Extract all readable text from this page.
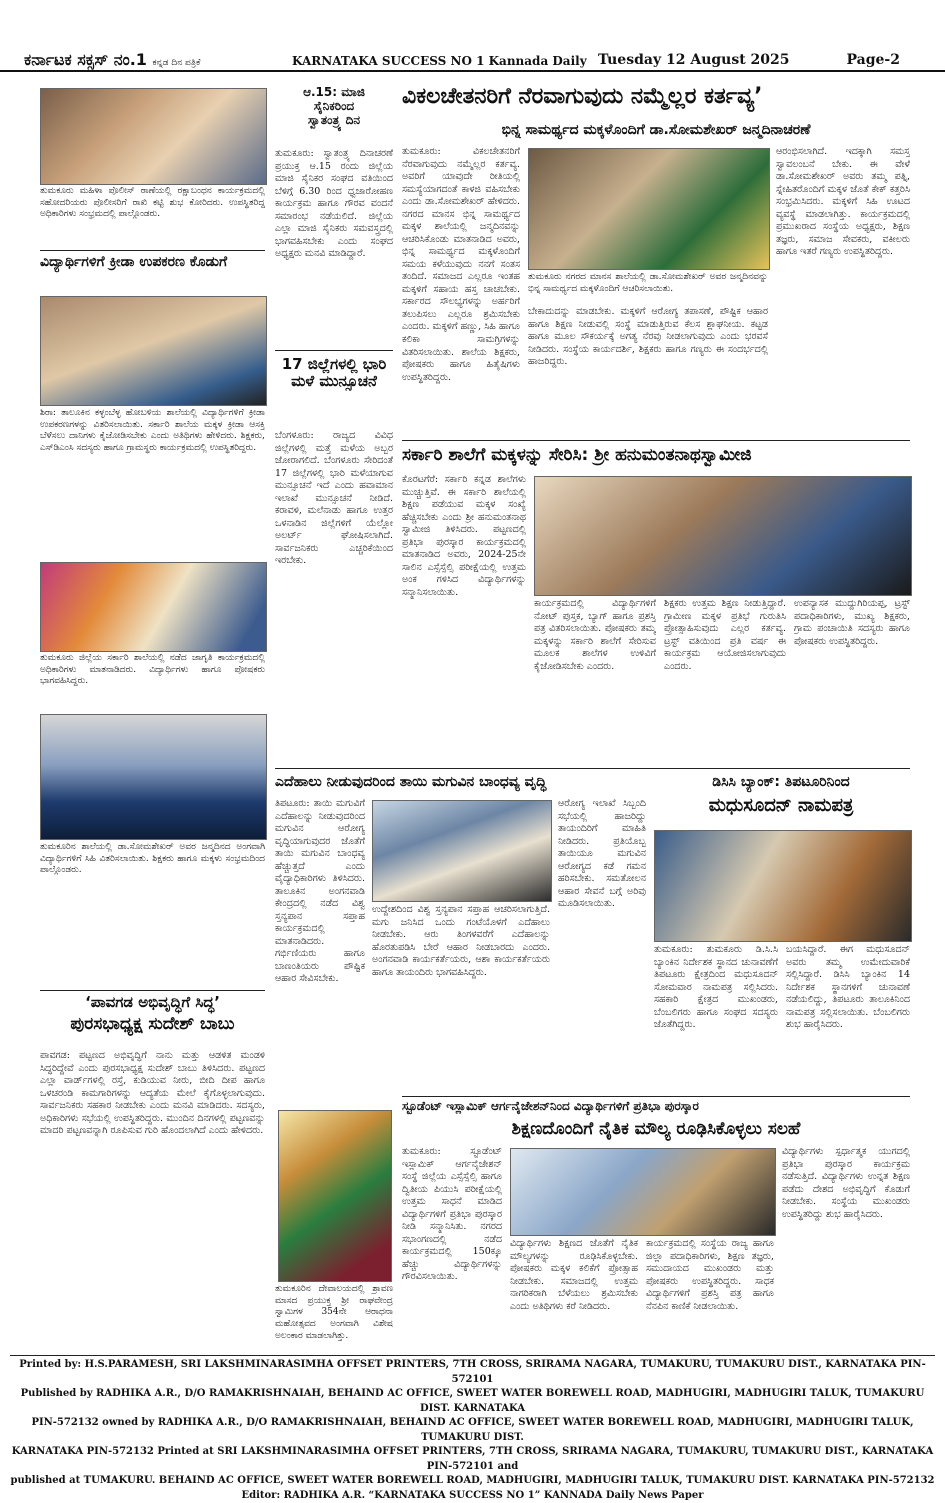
ಕರ್ನಾಟಕ ಸಕ್ಸಸ್ ನಂ.1 ಕನ್ನಡ ದಿನ ಪತ್ರಿಕೆ	KARNATAKA SUCCESS NO 1 Kannada Daily Tuesday 12 August 2025	Page-2
ತುಮಕೂರು ಮಹಿಳಾ ಪೊಲೀಸ್ ಠಾಣೆಯಲ್ಲಿ ರಕ್ಷಾಬಂಧನ ಕಾರ್ಯಕ್ರಮದಲ್ಲಿ ಸಹೋದರಿಯರು ಪೊಲೀಸರಿಗೆ ರಾಖಿ ಕಟ್ಟಿ ಶುಭ ಕೋರಿದರು. ಉಪಸ್ಥಿತರಿದ್ದ ಅಧಿಕಾರಿಗಳು ಸಂಭ್ರಮದಲ್ಲಿ ಪಾಲ್ಗೊಂಡರು.
ವಿದ್ಯಾರ್ಥಿಗಳಿಗೆ ಕ್ರೀಡಾ ಉಪಕರಣ ಕೊಡುಗೆ
ಶಿರಾ: ತಾಲೂಕಿನ ಕಳ್ಳಂಬೆಳ್ಳ ಹೋಬಳಿಯ ಶಾಲೆಯಲ್ಲಿ ವಿದ್ಯಾರ್ಥಿಗಳಿಗೆ ಕ್ರೀಡಾ ಉಪಕರಣಗಳನ್ನು ವಿತರಿಸಲಾಯಿತು. ಸರ್ಕಾರಿ ಶಾಲೆಯ ಮಕ್ಕಳ ಕ್ರೀಡಾ ಆಸಕ್ತಿ ಬೆಳೆಸಲು ದಾನಿಗಳು ಕೈಜೋಡಿಸಬೇಕು ಎಂದು ಅತಿಥಿಗಳು ಹೇಳಿದರು. ಶಿಕ್ಷಕರು, ಎಸ್‌ಡಿಎಂಸಿ ಸದಸ್ಯರು ಹಾಗೂ ಗ್ರಾಮಸ್ಥರು ಕಾರ್ಯಕ್ರಮದಲ್ಲಿ ಉಪಸ್ಥಿತರಿದ್ದರು.
ತುಮಕೂರು ಜಿಲ್ಲೆಯ ಸರ್ಕಾರಿ ಶಾಲೆಯಲ್ಲಿ ನಡೆದ ಜಾಗೃತಿ ಕಾರ್ಯಕ್ರಮದಲ್ಲಿ ಅಧಿಕಾರಿಗಳು ಮಾತನಾಡಿದರು. ವಿದ್ಯಾರ್ಥಿಗಳು ಹಾಗೂ ಪೋಷಕರು ಭಾಗವಹಿಸಿದ್ದರು.
ತುಮಕೂರಿನ ಶಾಲೆಯಲ್ಲಿ ಡಾ.ಸೋಮಶೇಖರ್ ಅವರ ಜನ್ಮದಿನದ ಅಂಗವಾಗಿ ವಿದ್ಯಾರ್ಥಿಗಳಿಗೆ ಸಿಹಿ ವಿತರಿಸಲಾಯಿತು. ಶಿಕ್ಷಕರು ಹಾಗೂ ಮಕ್ಕಳು ಸಂಭ್ರಮದಿಂದ ಪಾಲ್ಗೊಂಡರು.
‘ಪಾವಗಡ ಅಭಿವೃದ್ಧಿಗೆ ಸಿದ್ಧ’
ಪುರಸಭಾಧ್ಯಕ್ಷ ಸುದೇಶ್ ಬಾಬು
ಪಾವಗಡ: ಪಟ್ಟಣದ ಅಭಿವೃದ್ಧಿಗೆ ನಾನು ಮತ್ತು ಆಡಳಿತ ಮಂಡಳಿ ಸಿದ್ಧರಿದ್ದೇವೆ ಎಂದು ಪುರಸಭಾಧ್ಯಕ್ಷ ಸುದೇಶ್ ಬಾಬು ತಿಳಿಸಿದರು. ಪಟ್ಟಣದ ಎಲ್ಲಾ ವಾರ್ಡ್‌ಗಳಲ್ಲಿ ರಸ್ತೆ, ಕುಡಿಯುವ ನೀರು, ಬೀದಿ ದೀಪ ಹಾಗೂ ಒಳಚರಂಡಿ ಕಾಮಗಾರಿಗಳನ್ನು ಆದ್ಯತೆಯ ಮೇಲೆ ಕೈಗೊಳ್ಳಲಾಗುವುದು. ಸಾರ್ವಜನಿಕರು ಸಹಕಾರ ನೀಡಬೇಕು ಎಂದು ಮನವಿ ಮಾಡಿದರು. ಸದಸ್ಯರು, ಅಧಿಕಾರಿಗಳು ಸಭೆಯಲ್ಲಿ ಉಪಸ್ಥಿತರಿದ್ದರು. ಮುಂದಿನ ದಿನಗಳಲ್ಲಿ ಪಟ್ಟಣವನ್ನು ಮಾದರಿ ಪಟ್ಟಣವನ್ನಾಗಿ ರೂಪಿಸುವ ಗುರಿ ಹೊಂದಲಾಗಿದೆ ಎಂದು ಹೇಳಿದರು.
ಆ.15: ಮಾಜಿ
ಸೈನಿಕರಿಂದ
ಸ್ವಾತಂತ್ರ್ಯ ದಿನ
ತುಮಕೂರು: ಸ್ವಾತಂತ್ರ್ಯ ದಿನಾಚರಣೆ ಪ್ರಯುಕ್ತ ಆ.15 ರಂದು ಜಿಲ್ಲೆಯ ಮಾಜಿ ಸೈನಿಕರ ಸಂಘದ ವತಿಯಿಂದ ಬೆಳಿಗ್ಗೆ 6.30 ರಿಂದ ಧ್ವಜಾರೋಹಣ ಕಾರ್ಯಕ್ರಮ ಹಾಗೂ ಗೌರವ ವಂದನೆ ಸಮಾರಂಭ ನಡೆಯಲಿದೆ. ಜಿಲ್ಲೆಯ ಎಲ್ಲಾ ಮಾಜಿ ಸೈನಿಕರು ಸಮವಸ್ತ್ರದಲ್ಲಿ ಭಾಗವಹಿಸಬೇಕು ಎಂದು ಸಂಘದ ಅಧ್ಯಕ್ಷರು ಮನವಿ ಮಾಡಿದ್ದಾರೆ.
17 ಜಿಲ್ಲೆಗಳಲ್ಲಿ ಭಾರಿ ಮಳೆ ಮುನ್ಸೂಚನೆ
ಬೆಂಗಳೂರು: ರಾಜ್ಯದ ವಿವಿಧ ಜಿಲ್ಲೆಗಳಲ್ಲಿ ಮತ್ತೆ ಮಳೆಯ ಅಬ್ಬರ ಜೋರಾಗಲಿದೆ. ಬೆಂಗಳೂರು ಸೇರಿದಂತೆ 17 ಜಿಲ್ಲೆಗಳಲ್ಲಿ ಭಾರಿ ಮಳೆಯಾಗುವ ಮುನ್ಸೂಚನೆ ಇದೆ ಎಂದು ಹವಾಮಾನ ಇಲಾಖೆ ಮುನ್ಸೂಚನೆ ನೀಡಿದೆ. ಕರಾವಳಿ, ಮಲೆನಾಡು ಹಾಗೂ ಉತ್ತರ ಒಳನಾಡಿನ ಜಿಲ್ಲೆಗಳಿಗೆ ಯೆಲ್ಲೋ ಅಲರ್ಟ್ ಘೋಷಿಸಲಾಗಿದೆ. ಸಾರ್ವಜನಿಕರು ಎಚ್ಚರಿಕೆಯಿಂದ ಇರಬೇಕು.
ತುಮಕೂರಿನ ದೇವಾಲಯದಲ್ಲಿ ಶ್ರಾವಣ ಮಾಸದ ಪ್ರಯುಕ್ತ ಶ್ರೀ ರಾಘವೇಂದ್ರ ಸ್ವಾಮಿಗಳ 354ನೇ ಆರಾಧನಾ ಮಹೋತ್ಸವದ ಅಂಗವಾಗಿ ವಿಶೇಷ ಅಲಂಕಾರ ಮಾಡಲಾಗಿತ್ತು.
ವಿಕಲಚೇತನರಿಗೆ ನೆರವಾಗುವುದು ನಮ್ಮೆಲ್ಲರ ಕರ್ತವ್ಯ’
ಭಿನ್ನ ಸಾಮರ್ಥ್ಯದ ಮಕ್ಕಳೊಂದಿಗೆ ಡಾ.ಸೋಮಶೇಖರ್ ಜನ್ಮದಿನಾಚರಣೆ
ತುಮಕೂರು: ವಿಕಲಚೇತನರಿಗೆ ನೆರವಾಗುವುದು ನಮ್ಮೆಲ್ಲರ ಕರ್ತವ್ಯ. ಅವರಿಗೆ ಯಾವುದೇ ರೀತಿಯಲ್ಲಿ ಸಮಸ್ಯೆಯಾಗದಂತೆ ಕಾಳಜಿ ವಹಿಸಬೇಕು ಎಂದು ಡಾ.ಸೋಮಶೇಖರ್ ಹೇಳಿದರು. ನಗರದ ಮಾನಸ ಭಿನ್ನ ಸಾಮರ್ಥ್ಯದ ಮಕ್ಕಳ ಶಾಲೆಯಲ್ಲಿ ಜನ್ಮದಿನವನ್ನು ಆಚರಿಸಿಕೊಂಡು ಮಾತನಾಡಿದ ಅವರು, ಭಿನ್ನ ಸಾಮರ್ಥ್ಯದ ಮಕ್ಕಳೊಂದಿಗೆ ಸಮಯ ಕಳೆಯುವುದು ನನಗೆ ಸಂತಸ ತಂದಿದೆ. ಸಮಾಜದ ಎಲ್ಲರೂ ಇಂತಹ ಮಕ್ಕಳಿಗೆ ಸಹಾಯ ಹಸ್ತ ಚಾಚಬೇಕು. ಸರ್ಕಾರದ ಸೌಲಭ್ಯಗಳನ್ನು ಅರ್ಹರಿಗೆ ತಲುಪಿಸಲು ಎಲ್ಲರೂ ಶ್ರಮಿಸಬೇಕು ಎಂದರು. ಮಕ್ಕಳಿಗೆ ಹಣ್ಣು, ಸಿಹಿ ಹಾಗೂ ಕಲಿಕಾ ಸಾಮಗ್ರಿಗಳನ್ನು ವಿತರಿಸಲಾಯಿತು. ಶಾಲೆಯ ಶಿಕ್ಷಕರು, ಪೋಷಕರು ಹಾಗೂ ಹಿತೈಷಿಗಳು ಉಪಸ್ಥಿತರಿದ್ದರು.
ತುಮಕೂರು ನಗರದ ಮಾನಸ ಶಾಲೆಯಲ್ಲಿ ಡಾ.ಸೋಮಶೇಖರ್ ಅವರ ಜನ್ಮದಿನವನ್ನು ಭಿನ್ನ ಸಾಮರ್ಥ್ಯದ ಮಕ್ಕಳೊಂದಿಗೆ ಆಚರಿಸಲಾಯಿತು.
ಬೇಕಾದುದನ್ನು ಮಾಡಬೇಕು. ಮಕ್ಕಳಿಗೆ ಆರೋಗ್ಯ ತಪಾಸಣೆ, ಪೌಷ್ಟಿಕ ಆಹಾರ ಹಾಗೂ ಶಿಕ್ಷಣ ನೀಡುವಲ್ಲಿ ಸಂಸ್ಥೆ ಮಾಡುತ್ತಿರುವ ಕೆಲಸ ಶ್ಲಾಘನೀಯ. ಕಟ್ಟಡ ಹಾಗೂ ಮೂಲ ಸೌಕರ್ಯಕ್ಕೆ ಅಗತ್ಯ ನೆರವು ನೀಡಲಾಗುವುದು ಎಂದು ಭರವಸೆ ನೀಡಿದರು. ಸಂಸ್ಥೆಯ ಕಾರ್ಯದರ್ಶಿ, ಶಿಕ್ಷಕರು ಹಾಗೂ ಗಣ್ಯರು ಈ ಸಂದರ್ಭದಲ್ಲಿ ಹಾಜರಿದ್ದರು.
ಆರಂಭಿಸಲಾಗಿದೆ. ಇದಕ್ಕಾಗಿ ಸಮಸ್ತ ಸ್ವಾವಲಂಬನೆ ಬೇಕು. ಈ ವೇಳೆ ಡಾ.ಸೋಮಶೇಖರ್ ಅವರು ತಮ್ಮ ಪತ್ನಿ, ಸ್ನೇಹಿತರೊಂದಿಗೆ ಮಕ್ಕಳ ಜೊತೆ ಕೇಕ್ ಕತ್ತರಿಸಿ ಸಂಭ್ರಮಿಸಿದರು. ಮಕ್ಕಳಿಗೆ ಸಿಹಿ ಊಟದ ವ್ಯವಸ್ಥೆ ಮಾಡಲಾಗಿತ್ತು. ಕಾರ್ಯಕ್ರಮದಲ್ಲಿ ಪ್ರಮುಖರಾದ ಸಂಸ್ಥೆಯ ಅಧ್ಯಕ್ಷರು, ಶಿಕ್ಷಣ ತಜ್ಞರು, ಸಮಾಜ ಸೇವಕರು, ವಕೀಲರು ಹಾಗೂ ಇತರೆ ಗಣ್ಯರು ಉಪಸ್ಥಿತರಿದ್ದರು.
ಸರ್ಕಾರಿ ಶಾಲೆಗೆ ಮಕ್ಕಳನ್ನು ಸೇರಿಸಿ: ಶ್ರೀ ಹನುಮಂತನಾಥಸ್ವಾಮೀಜಿ
ಕೊರಟಗೆರೆ: ಸರ್ಕಾರಿ ಕನ್ನಡ ಶಾಲೆಗಳು ಮುಚ್ಚುತ್ತಿವೆ. ಈ ಸರ್ಕಾರಿ ಶಾಲೆಯಲ್ಲಿ ಶಿಕ್ಷಣ ಪಡೆಯುವ ಮಕ್ಕಳ ಸಂಖ್ಯೆ ಹೆಚ್ಚಿಸಬೇಕು ಎಂದು ಶ್ರೀ ಹನುಮಂತನಾಥ ಸ್ವಾಮೀಜಿ ತಿಳಿಸಿದರು. ಪಟ್ಟಣದಲ್ಲಿ ಪ್ರತಿಭಾ ಪುರಸ್ಕಾರ ಕಾರ್ಯಕ್ರಮದಲ್ಲಿ ಮಾತನಾಡಿದ ಅವರು, 2024-25ನೇ ಸಾಲಿನ ಎಸ್ಸೆಸ್ಸೆಲ್ಸಿ ಪರೀಕ್ಷೆಯಲ್ಲಿ ಉತ್ತಮ ಅಂಕ ಗಳಿಸಿದ ವಿದ್ಯಾರ್ಥಿಗಳನ್ನು ಸನ್ಮಾನಿಸಲಾಯಿತು.
ಕಾರ್ಯಕ್ರಮದಲ್ಲಿ ವಿದ್ಯಾರ್ಥಿಗಳಿಗೆ ನೋಟ್ ಪುಸ್ತಕ, ಬ್ಯಾಗ್ ಹಾಗೂ ಪ್ರಶಸ್ತಿ ಪತ್ರ ವಿತರಿಸಲಾಯಿತು. ಪೋಷಕರು ತಮ್ಮ ಮಕ್ಕಳನ್ನು ಸರ್ಕಾರಿ ಶಾಲೆಗೆ ಸೇರಿಸುವ ಮೂಲಕ ಶಾಲೆಗಳ ಉಳಿವಿಗೆ ಕೈಜೋಡಿಸಬೇಕು ಎಂದರು.
ಶಿಕ್ಷಕರು ಉತ್ತಮ ಶಿಕ್ಷಣ ನೀಡುತ್ತಿದ್ದಾರೆ. ಗ್ರಾಮೀಣ ಮಕ್ಕಳ ಪ್ರತಿಭೆ ಗುರುತಿಸಿ ಪ್ರೋತ್ಸಾಹಿಸುವುದು ಎಲ್ಲರ ಕರ್ತವ್ಯ. ಟ್ರಸ್ಟ್ ವತಿಯಿಂದ ಪ್ರತಿ ವರ್ಷ ಈ ಕಾರ್ಯಕ್ರಮ ಆಯೋಜಿಸಲಾಗುವುದು ಎಂದರು.
ಉಪನ್ಯಾಸಕ ಮುದ್ದುಗಿರಿಯಪ್ಪ, ಟ್ರಸ್ಟ್ ಪದಾಧಿಕಾರಿಗಳು, ಮುಖ್ಯ ಶಿಕ್ಷಕರು, ಗ್ರಾಮ ಪಂಚಾಯಿತಿ ಸದಸ್ಯರು ಹಾಗೂ ಪೋಷಕರು ಉಪಸ್ಥಿತರಿದ್ದರು.
ಎದೆಹಾಲು ನೀಡುವುದರಿಂದ ತಾಯಿ ಮಗುವಿನ ಬಾಂಧವ್ಯ ವೃದ್ಧಿ
ತಿಪಟೂರು: ತಾಯಿ ಮಗುವಿಗೆ ಎದೆಹಾಲನ್ನು ನೀಡುವುದರಿಂದ ಮಗುವಿನ ಆರೋಗ್ಯ ವೃದ್ಧಿಯಾಗುವುದರ ಜೊತೆಗೆ ತಾಯಿ ಮಗುವಿನ ಬಾಂಧವ್ಯ ಹೆಚ್ಚುತ್ತದೆ ಎಂದು ವೈದ್ಯಾಧಿಕಾರಿಗಳು ತಿಳಿಸಿದರು. ತಾಲೂಕಿನ ಅಂಗನವಾಡಿ ಕೇಂದ್ರದಲ್ಲಿ ನಡೆದ ವಿಶ್ವ ಸ್ತನ್ಯಪಾನ ಸಪ್ತಾಹ ಕಾರ್ಯಕ್ರಮದಲ್ಲಿ ಮಾತನಾಡಿದರು. ಗರ್ಭಿಣಿಯರು ಹಾಗೂ ಬಾಣಂತಿಯರು ಪೌಷ್ಟಿಕ ಆಹಾರ ಸೇವಿಸಬೇಕು.
ಉದ್ದೇಶದಿಂದ ವಿಶ್ವ ಸ್ತನ್ಯಪಾನ ಸಪ್ತಾಹ ಆಚರಿಸಲಾಗುತ್ತಿದೆ. ಮಗು ಜನಿಸಿದ ಒಂದು ಗಂಟೆಯೊಳಗೆ ಎದೆಹಾಲು ನೀಡಬೇಕು. ಆರು ತಿಂಗಳವರೆಗೆ ಎದೆಹಾಲನ್ನು ಹೊರತುಪಡಿಸಿ ಬೇರೆ ಆಹಾರ ನೀಡಬಾರದು ಎಂದರು. ಅಂಗನವಾಡಿ ಕಾರ್ಯಕರ್ತೆಯರು, ಆಶಾ ಕಾರ್ಯಕರ್ತೆಯರು ಹಾಗೂ ತಾಯಂದಿರು ಭಾಗವಹಿಸಿದ್ದರು.
ಆರೋಗ್ಯ ಇಲಾಖೆ ಸಿಬ್ಬಂದಿ ಸಭೆಯಲ್ಲಿ ಹಾಜರಿದ್ದು ತಾಯಂದಿರಿಗೆ ಮಾಹಿತಿ ನೀಡಿದರು. ಪ್ರತಿಯೊಬ್ಬ ತಾಯಿಯೂ ಮಗುವಿನ ಆರೋಗ್ಯದ ಕಡೆ ಗಮನ ಹರಿಸಬೇಕು. ಸಮತೋಲನ ಆಹಾರ ಸೇವನೆ ಬಗ್ಗೆ ಅರಿವು ಮೂಡಿಸಲಾಯಿತು.
ಡಿಸಿಸಿ ಬ್ಯಾಂಕ್: ತಿಪಟೂರಿನಿಂದ
ಮಧುಸೂದನ್ ನಾಮಪತ್ರ
ತುಮಕೂರು: ತುಮಕೂರು ಡಿ.ಸಿ.ಸಿ ಬ್ಯಾಂಕಿನ ನಿರ್ದೇಶಕ ಸ್ಥಾನದ ಚುನಾವಣೆಗೆ ತಿಪಟೂರು ಕ್ಷೇತ್ರದಿಂದ ಮಧುಸೂದನ್ ಸೋಮವಾರ ನಾಮಪತ್ರ ಸಲ್ಲಿಸಿದರು. ಸಹಕಾರಿ ಕ್ಷೇತ್ರದ ಮುಖಂಡರು, ಬೆಂಬಲಿಗರು ಹಾಗೂ ಸಂಘದ ಸದಸ್ಯರು ಜೊತೆಗಿದ್ದರು.
ಬಯಸಿದ್ದಾರೆ. ಈಗ ಮಧುಸೂದನ್ ಅವರು ತಮ್ಮ ಉಮೇದುವಾರಿಕೆ ಸಲ್ಲಿಸಿದ್ದಾರೆ. ಡಿಸಿಸಿ ಬ್ಯಾಂಕಿನ 14 ನಿರ್ದೇಶಕ ಸ್ಥಾನಗಳಿಗೆ ಚುನಾವಣೆ ನಡೆಯಲಿದ್ದು, ತಿಪಟೂರು ತಾಲೂಕಿನಿಂದ ನಾಮಪತ್ರ ಸಲ್ಲಿಸಲಾಯಿತು. ಬೆಂಬಲಿಗರು ಶುಭ ಹಾರೈಸಿದರು.
ಸ್ಟೂಡೆಂಟ್ ಇಸ್ಲಾಮಿಕ್ ಆರ್ಗನೈಜೇಶನ್‌ನಿಂದ ವಿದ್ಯಾರ್ಥಿಗಳಿಗೆ ಪ್ರತಿಭಾ ಪುರಸ್ಕಾರ
ಶಿಕ್ಷಣದೊಂದಿಗೆ ನೈತಿಕ ಮೌಲ್ಯ ರೂಢಿಸಿಕೊಳ್ಳಲು ಸಲಹೆ
ತುಮಕೂರು: ಸ್ಟೂಡೆಂಟ್ ಇಸ್ಲಾಮಿಕ್ ಆರ್ಗನೈಜೇಶನ್ ಸಂಸ್ಥೆ ಜಿಲ್ಲೆಯ ಎಸ್ಸೆಸ್ಸೆಲ್ಸಿ ಹಾಗೂ ದ್ವಿತೀಯ ಪಿಯುಸಿ ಪರೀಕ್ಷೆಯಲ್ಲಿ ಉತ್ತಮ ಸಾಧನೆ ಮಾಡಿದ ವಿದ್ಯಾರ್ಥಿಗಳಿಗೆ ಪ್ರತಿಭಾ ಪುರಸ್ಕಾರ ನೀಡಿ ಸನ್ಮಾನಿಸಿತು. ನಗರದ ಸಭಾಂಗಣದಲ್ಲಿ ನಡೆದ ಕಾರ್ಯಕ್ರಮದಲ್ಲಿ 150ಕ್ಕೂ ಹೆಚ್ಚು ವಿದ್ಯಾರ್ಥಿಗಳನ್ನು ಗೌರವಿಸಲಾಯಿತು.
ವಿದ್ಯಾರ್ಥಿಗಳು ಶಿಕ್ಷಣದ ಜೊತೆಗೆ ನೈತಿಕ ಮೌಲ್ಯಗಳನ್ನು ರೂಢಿಸಿಕೊಳ್ಳಬೇಕು. ಪೋಷಕರು ಮಕ್ಕಳ ಕಲಿಕೆಗೆ ಪ್ರೋತ್ಸಾಹ ನೀಡಬೇಕು. ಸಮಾಜದಲ್ಲಿ ಉತ್ತಮ ನಾಗರಿಕರಾಗಿ ಬೆಳೆಯಲು ಶ್ರಮಿಸಬೇಕು ಎಂದು ಅತಿಥಿಗಳು ಕರೆ ನೀಡಿದರು.
ಕಾರ್ಯಕ್ರಮದಲ್ಲಿ ಸಂಸ್ಥೆಯ ರಾಜ್ಯ ಹಾಗೂ ಜಿಲ್ಲಾ ಪದಾಧಿಕಾರಿಗಳು, ಶಿಕ್ಷಣ ತಜ್ಞರು, ಸಮುದಾಯದ ಮುಖಂಡರು ಮತ್ತು ಪೋಷಕರು ಉಪಸ್ಥಿತರಿದ್ದರು. ಸಾಧಕ ವಿದ್ಯಾರ್ಥಿಗಳಿಗೆ ಪ್ರಶಸ್ತಿ ಪತ್ರ ಹಾಗೂ ನೆನಪಿನ ಕಾಣಿಕೆ ನೀಡಲಾಯಿತು.
ವಿದ್ಯಾರ್ಥಿಗಳು ಸ್ಪರ್ಧಾತ್ಮಕ ಯುಗದಲ್ಲಿ ಪ್ರತಿಭಾ ಪುರಸ್ಕಾರ ಕಾರ್ಯಕ್ರಮ ನಡೆಸುತ್ತಿದೆ. ವಿದ್ಯಾರ್ಥಿಗಳು ಉನ್ನತ ಶಿಕ್ಷಣ ಪಡೆದು ದೇಶದ ಅಭಿವೃದ್ಧಿಗೆ ಕೊಡುಗೆ ನೀಡಬೇಕು. ಸಂಸ್ಥೆಯ ಮುಖಂಡರು ಉಪಸ್ಥಿತರಿದ್ದು ಶುಭ ಹಾರೈಸಿದರು.
Printed by: H.S.PARAMESH, SRI LAKSHMINARASIMHA OFFSET PRINTERS, 7TH CROSS, SRIRAMA NAGARA, TUMAKURU, TUMAKURU DIST., KARNATAKA PIN-572101
Published by RADHIKA A.R., D/O RAMAKRISHNAIAH, BEHAIND AC OFFICE, SWEET WATER BOREWELL ROAD, MADHUGIRI, MADHUGIRI TALUK, TUMAKURU DIST. KARNATAKA
PIN-572132 owned by RADHIKA A.R., D/O RAMAKRISHNAIAH, BEHAIND AC OFFICE, SWEET WATER BOREWELL ROAD, MADHUGIRI, MADHUGIRI TALUK, TUMAKURU DIST.
KARNATAKA PIN-572132 Printed at SRI LAKSHMINARASIMHA OFFSET PRINTERS, 7TH CROSS, SRIRAMA NAGARA, TUMAKURU, TUMAKURU DIST., KARNATAKA PIN-572101 and
published at TUMAKURU. BEHAIND AC OFFICE, SWEET WATER BOREWELL ROAD, MADHUGIRI, MADHUGIRI TALUK, TUMAKURU DIST. KARNATAKA PIN-572132
Editor: RADHIKA A.R. “KARNATAKA SUCCESS NO 1” KANNADA Daily News Paper
